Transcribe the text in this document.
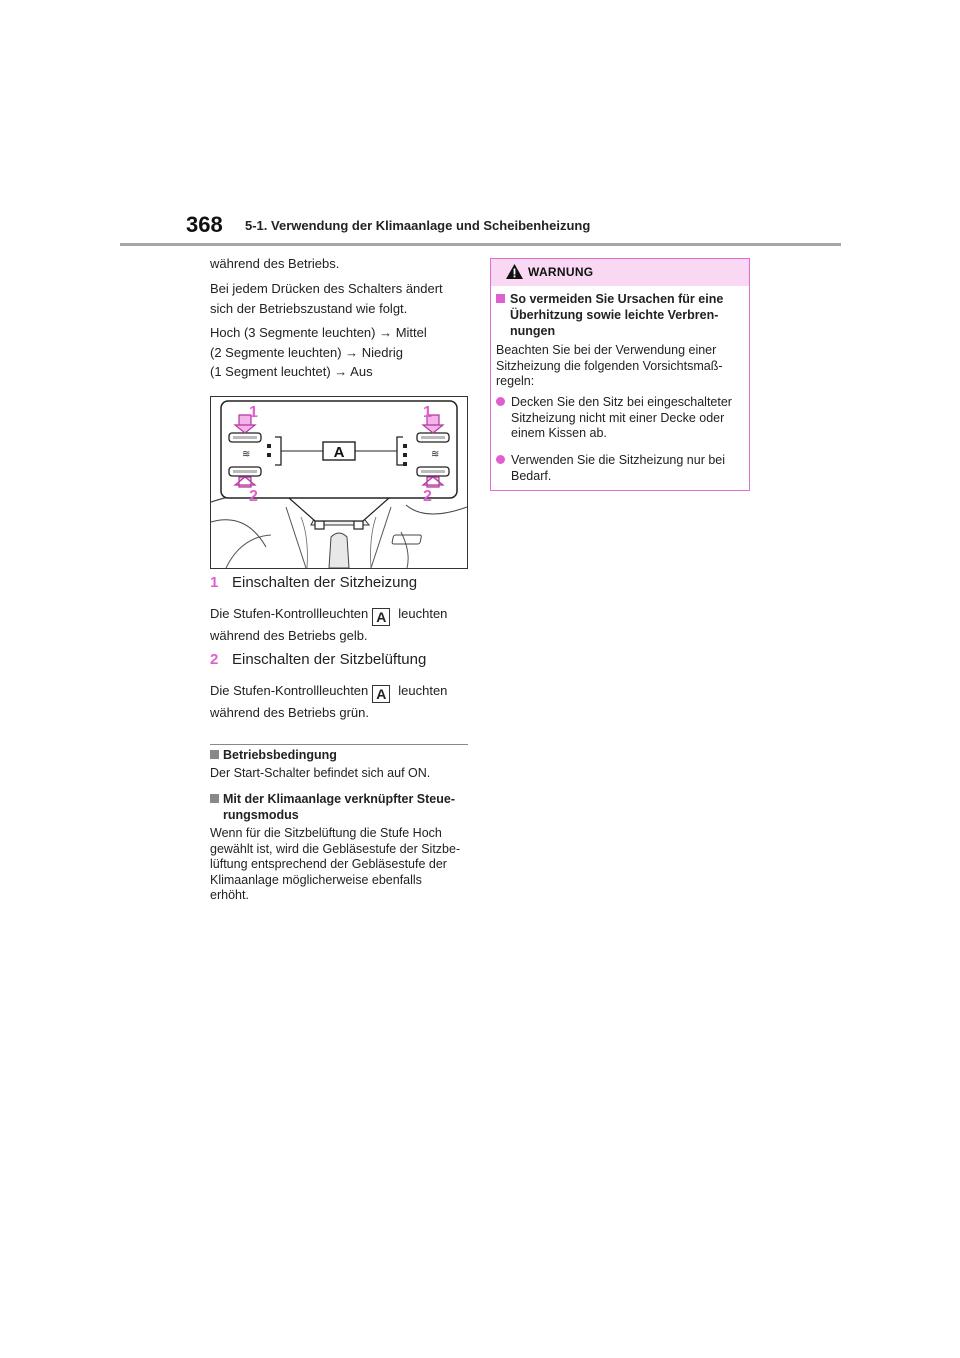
368 5-1. Verwendung der Klimaanlage und Scheibenheizung
während des Betriebs.
Bei jedem Drücken des Schalters ändert
sich der Betriebszustand wie folgt.
Hoch (3 Segmente leuchten) → Mittel
(2 Segmente leuchten) → Niedrig
(1 Segment leuchtet) → Aus
≋	≋
A
1	1
2	2
1 Einschalten der Sitzheizung
Die Stufen-Kontrollleuchten A leuchten
während des Betriebs gelb.
2 Einschalten der Sitzbelüftung
Die Stufen-Kontrollleuchten A leuchten
während des Betriebs grün.
Betriebsbedingung
Der Start-Schalter befindet sich auf ON.
Mit der Klimaanlage verknüpfter Steue-
rungsmodus
Wenn für die Sitzbelüftung die Stufe Hoch
gewählt ist, wird die Gebläsestufe der Sitzbe-
lüftung entsprechend der Gebläsestufe der
Klimaanlage möglicherweise ebenfalls
erhöht.
WARNUNG
So vermeiden Sie Ursachen für eine
Überhitzung sowie leichte Verbren-
nungen
Beachten Sie bei der Verwendung einer
Sitzheizung die folgenden Vorsichtsmaß-
regeln:
Decken Sie den Sitz bei eingeschalteter
Sitzheizung nicht mit einer Decke oder
einem Kissen ab.
Verwenden Sie die Sitzheizung nur bei
Bedarf.
